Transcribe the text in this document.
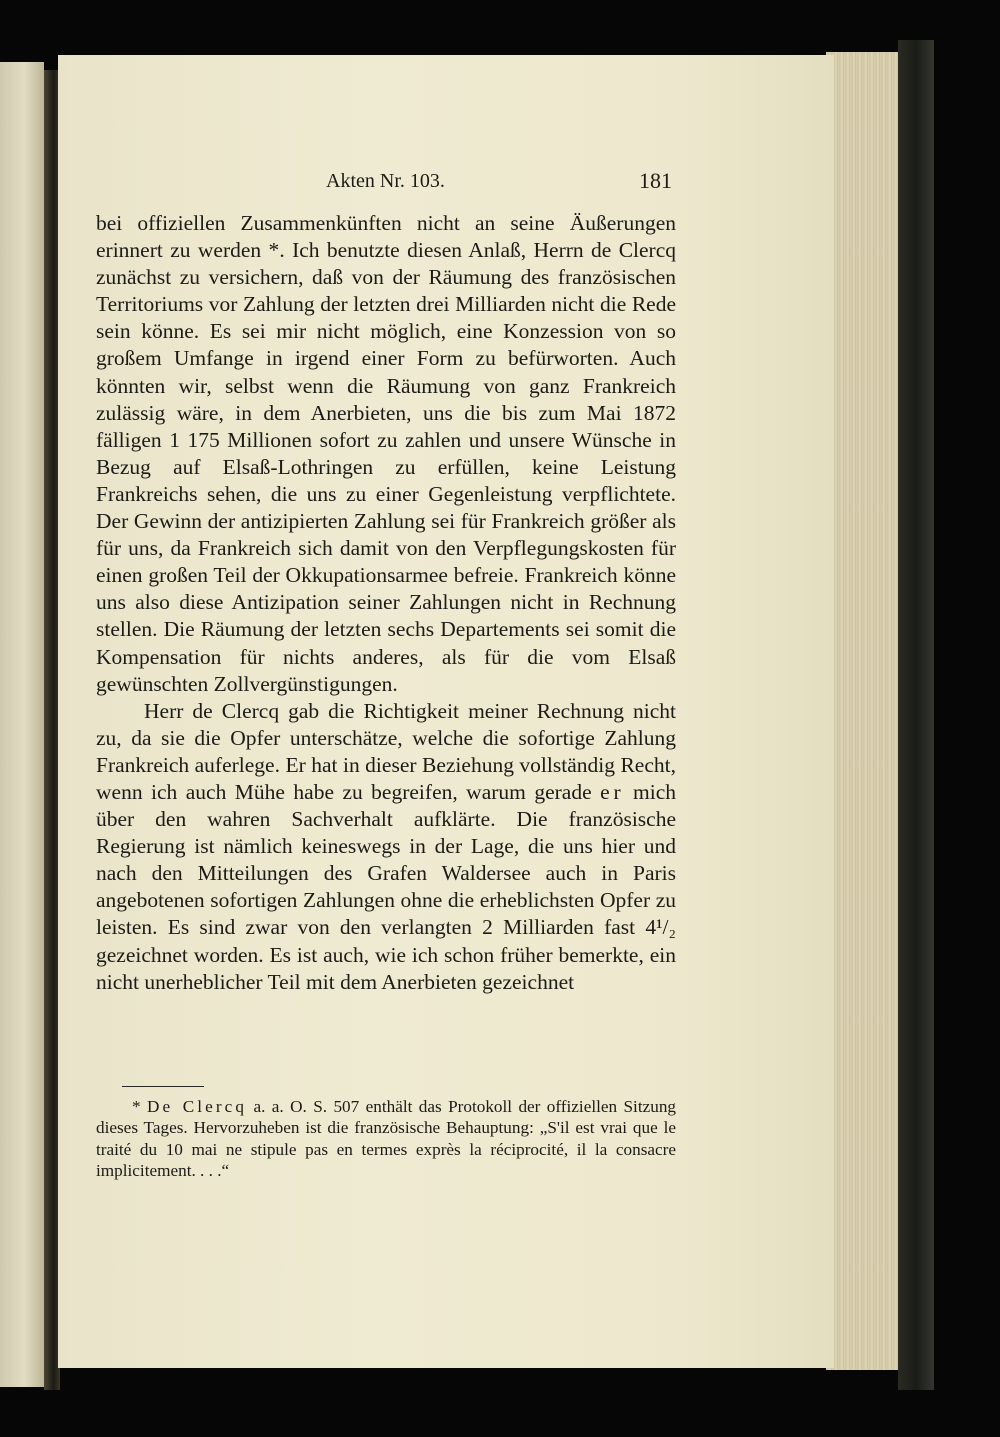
Akten Nr. 103.	181

bei offiziellen Zusammenkünften nicht an seine Äußerungen erinnert zu werden *. Ich benutzte diesen Anlaß, Herrn de Clercq zunächst zu versichern, daß von der Räumung des französischen Territoriums vor Zahlung der letzten drei Milliarden nicht die Rede sein könne. Es sei mir nicht möglich, eine Konzession von so großem Umfange in irgend einer Form zu befürworten. Auch könnten wir, selbst wenn die Räumung von ganz Frankreich zulässig wäre, in dem Anerbieten, uns die bis zum Mai 1872 fälligen 1 175 Millionen sofort zu zahlen und unsere Wünsche in Bezug auf Elsaß-Lothringen zu erfüllen, keine Leistung Frankreichs sehen, die uns zu einer Gegenleistung verpflichtete. Der Gewinn der antizipierten Zahlung sei für Frankreich größer als für uns, da Frankreich sich damit von den Verpflegungskosten für einen großen Teil der Okkupationsarmee befreie. Frankreich könne uns also diese Antizipation seiner Zahlungen nicht in Rechnung stellen. Die Räumung der letzten sechs Departements sei somit die Kompensation für nichts anderes, als für die vom Elsaß gewünschten Zollvergünstigungen.

Herr de Clercq gab die Richtigkeit meiner Rechnung nicht zu, da sie die Opfer unterschätze, welche die sofortige Zahlung Frankreich auferlege. Er hat in dieser Beziehung vollständig Recht, wenn ich auch Mühe habe zu begreifen, warum gerade er mich über den wahren Sachverhalt aufklärte. Die französische Regierung ist nämlich keineswegs in der Lage, die uns hier und nach den Mitteilungen des Grafen Waldersee auch in Paris angebotenen sofortigen Zahlungen ohne die erheblichsten Opfer zu leisten. Es sind zwar von den verlangten 2 Milliarden fast 4¹/₂ gezeichnet worden. Es ist auch, wie ich schon früher bemerkte, ein nicht unerheblicher Teil mit dem Anerbieten gezeichnet

* De Clercq a. a. O. S. 507 enthält das Protokoll der offiziellen Sitzung dieses Tages. Hervorzuheben ist die französische Behauptung: „S'il est vrai que le traité du 10 mai ne stipule pas en termes exprès la réciprocité, il la consacre implicitement. . . .“
